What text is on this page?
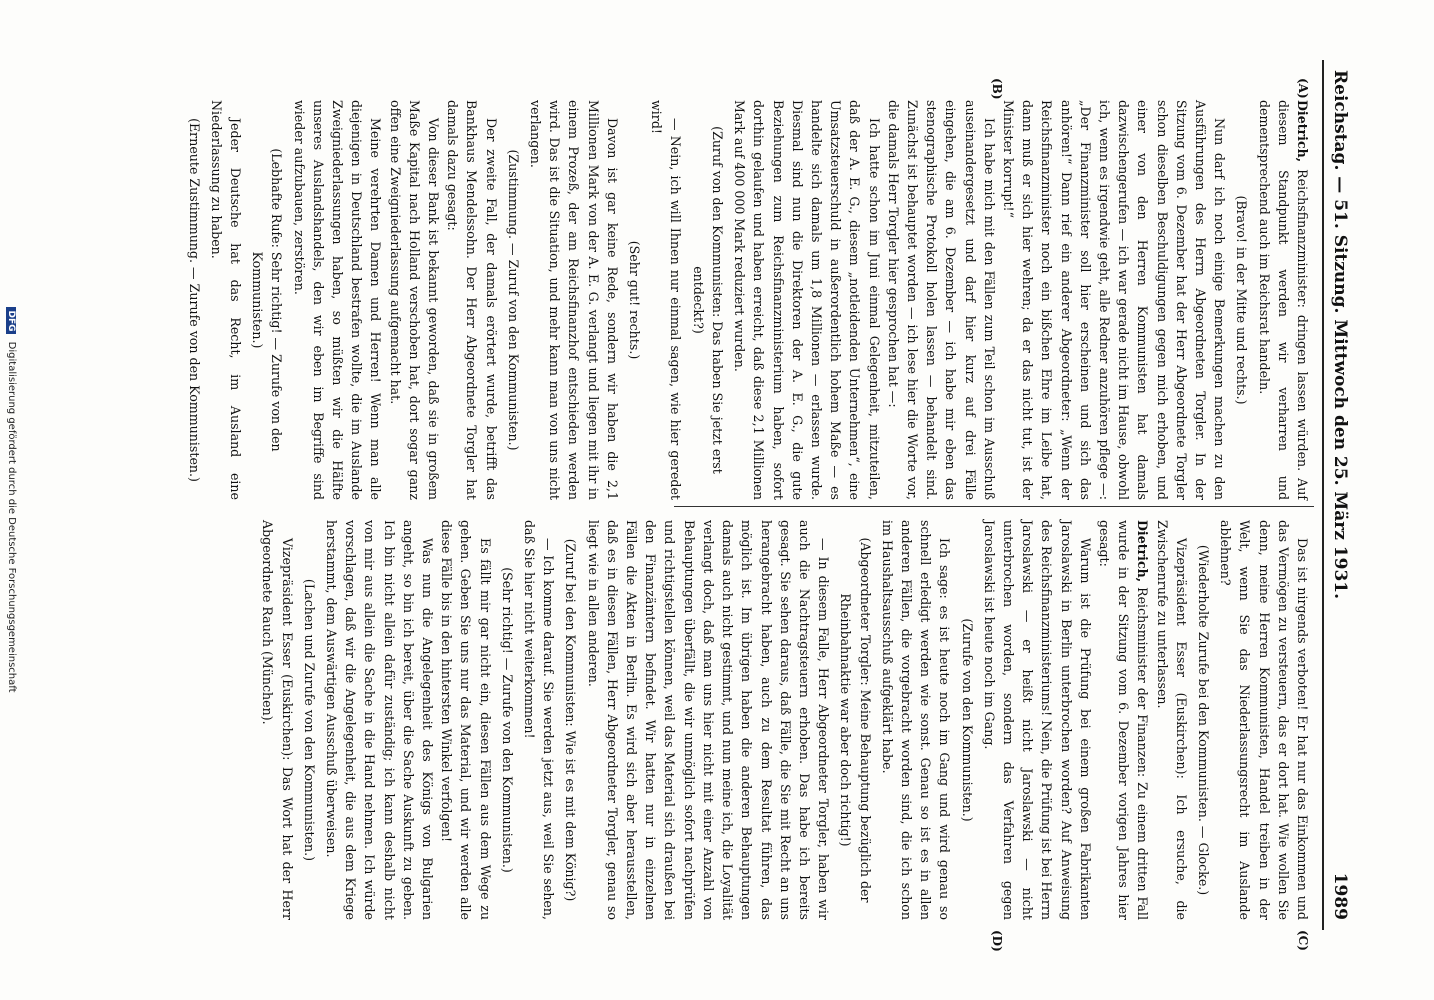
Reichstag. — 51. Sitzung. Mittwoch den 25. März 1931.
1989
(A)
(B)
(C)
(D)

Dietrich, Reichsfinanzminister: dringen lassen würden. Auf diesem Standpunkt werden wir verharren und dementsprechend auch im Reichsrat handeln.

(Bravo! in der Mitte und rechts.)

Nun darf ich noch einige Bemerkungen machen zu den Ausführungen des Herrn Abgeordneten Torgler. In der Sitzung vom 6. Dezember hat der Herr Abgeordnete Torgler schon dieselben Beschuldigungen gegen mich erhoben, und einer von den Herren Kommunisten hat damals dazwischengerufen — ich war gerade nicht im Hause, obwohl ich, wenn es irgendwie geht, alle Redner anzuhören pflege —: „Der Finanzminister soll hier erscheinen und sich das anhören!“ Dann rief ein anderer Abgeordneter: „Wenn der Reichsfinanzminister noch ein bißchen Ehre im Leibe hat, dann muß er sich hier wehren; da er das nicht tut, ist der Minister korrupt!“

Ich habe mich mit den Fällen zum Teil schon im Ausschuß auseinandergesetzt und darf hier kurz auf drei Fälle eingehen, die am 6. Dezember — ich habe mir eben das stenographische Protokoll holen lassen — behandelt sind. Zunächst ist behauptet worden — ich lese hier die Worte vor, die damals Herr Torgler hier gesprochen hat —:

Ich hatte schon im Juni einmal Gelegenheit, mitzuteilen, daß der A. E. G., diesem „notleidenden Unternehmen“, eine Umsatzsteuerschuld in außerordentlich hohem Maße — es handelte sich damals um 1,8 Millionen — erlassen wurde. Diesmal sind nun die Direktoren der A. E. G., die gute Beziehungen zum Reichsfinanzministerium haben, sofort dorthin gelaufen und haben erreicht, daß diese 2,1 Millionen Mark auf 400 000 Mark reduziert wurden.

(Zuruf von den Kommunisten: Das haben Sie jetzt erst entdeckt?)

— Nein, ich will Ihnen nur einmal sagen, wie hier geredet wird!

(Sehr gut! rechts.)

Davon ist gar keine Rede, sondern wir haben die 2,1 Millionen Mark von der A. E. G. verlangt und liegen mit ihr in einem Prozeß, der am Reichsfinanzhof entschieden werden wird. Das ist die Situation, und mehr kann man von uns nicht verlangen.

(Zustimmung. — Zuruf von den Kommunisten.)

Der zweite Fall, der damals erörtert wurde, betrifft das Bankhaus Mendelssohn. Der Herr Abgeordnete Torgler hat damals dazu gesagt:

Von dieser Bank ist bekannt geworden, daß sie in großem Maße Kapital nach Holland verschoben hat, dort sogar ganz offen eine Zweigniederlassung aufgemacht hat.

Meine verehrten Damen und Herren! Wenn man alle diejenigen in Deutschland bestrafen wollte, die im Auslande Zweigniederlassungen haben, so müßten wir die Hälfte unseres Auslandshandels, den wir eben im Begriffe sind wieder aufzubauen, zerstören.

(Lebhafte Rufe: Sehr richtig! — Zurufe von den Kommunisten.)

Jeder Deutsche hat das Recht, im Ausland eine Niederlassung zu haben.

(Erneute Zustimmung. — Zurufe von den Kommunisten.)

Das ist nirgends verboten! Er hat nur das Einkommen und das Vermögen zu versteuern, das er dort hat. Wie wollen Sie denn, meine Herren Kommunisten, Handel treiben in der Welt, wenn Sie das Niederlassungsrecht im Auslande ablehnen?

(Wiederholte Zurufe bei den Kommunisten. — Glocke.)

Vizepräsident Esser (Euskirchen): Ich ersuche, die Zwischenrufe zu unterlassen.

Dietrich, Reichsminister der Finanzen: Zu einem dritten Fall wurde in der Sitzung vom 6. Dezember vorigen Jahres hier gesagt:

Warum ist die Prüfung bei einem großen Fabrikanten Jaroslawski in Berlin unterbrochen worden? Auf Anweisung des Reichsfinanzministeriums! Nein, die Prüfung ist bei Herrn Jaroslawski — er heißt nicht Jaroslawski — nicht unterbrochen worden, sondern das Verfahren gegen Jaroslawski ist heute noch im Gang.

(Zurufe von den Kommunisten.)

Ich sage: es ist heute noch im Gang und wird genau so schnell erledigt werden wie sonst. Genau so ist es in allen anderen Fällen, die vorgebracht worden sind, die ich schon im Haushaltsausschuß aufgeklärt habe.

(Abgeordneter Torgler: Meine Behauptung bezüglich der Rheinbahnaktie war aber doch richtig!)

— In diesem Falle, Herr Abgeordneter Torgler, haben wir auch die Nachtragsteuern erhoben. Das habe ich bereits gesagt. Sie sehen daraus, daß Fälle, die Sie mit Recht an uns herangebracht haben, auch zu dem Resultat führen, das möglich ist. Im übrigen haben die anderen Behauptungen damals auch nicht gestimmt, und nun meine ich, die Loyalität verlangt doch, daß man uns hier nicht mit einer Anzahl von Behauptungen überfällt, die wir unmöglich sofort nachprüfen und richtigstellen können, weil das Material sich draußen bei den Finanzämtern befindet. Wir hatten nur in einzelnen Fällen die Akten in Berlin. Es wird sich aber herausstellen, daß es in diesen Fällen, Herr Abgeordneter Torgler, genau so liegt wie in allen anderen.

(Zuruf bei den Kommunisten: Wie ist es mit dem König?)

— Ich komme darauf. Sie werden jetzt aus, weil Sie sehen, daß Sie hier nicht weiterkommen!

(Sehr richtig! — Zurufe von den Kommunisten.)

Es fällt mir gar nicht ein, diesen Fällen aus dem Wege zu gehen. Geben Sie uns nur das Material, und wir werden alle diese Fälle bis in den hintersten Winkel verfolgen!

Was nun die Angelegenheit des Königs von Bulgarien angeht, so bin ich bereit, über die Sache Auskunft zu geben. Ich bin nicht allein dafür zuständig; ich kann deshalb nicht von mir aus allein die Sache in die Hand nehmen. Ich würde vorschlagen, daß wir die Angelegenheit, die aus dem Kriege herstammt, dem Auswärtigen Ausschuß überweisen.

(Lachen und Zurufe von den Kommunisten.)

Vizepräsident Esser (Euskirchen): Das Wort hat der Herr Abgeordnete Rauch (München).

DFG Digitalisierung gefördert durch die Deutsche Forschungsgemeinschaft
